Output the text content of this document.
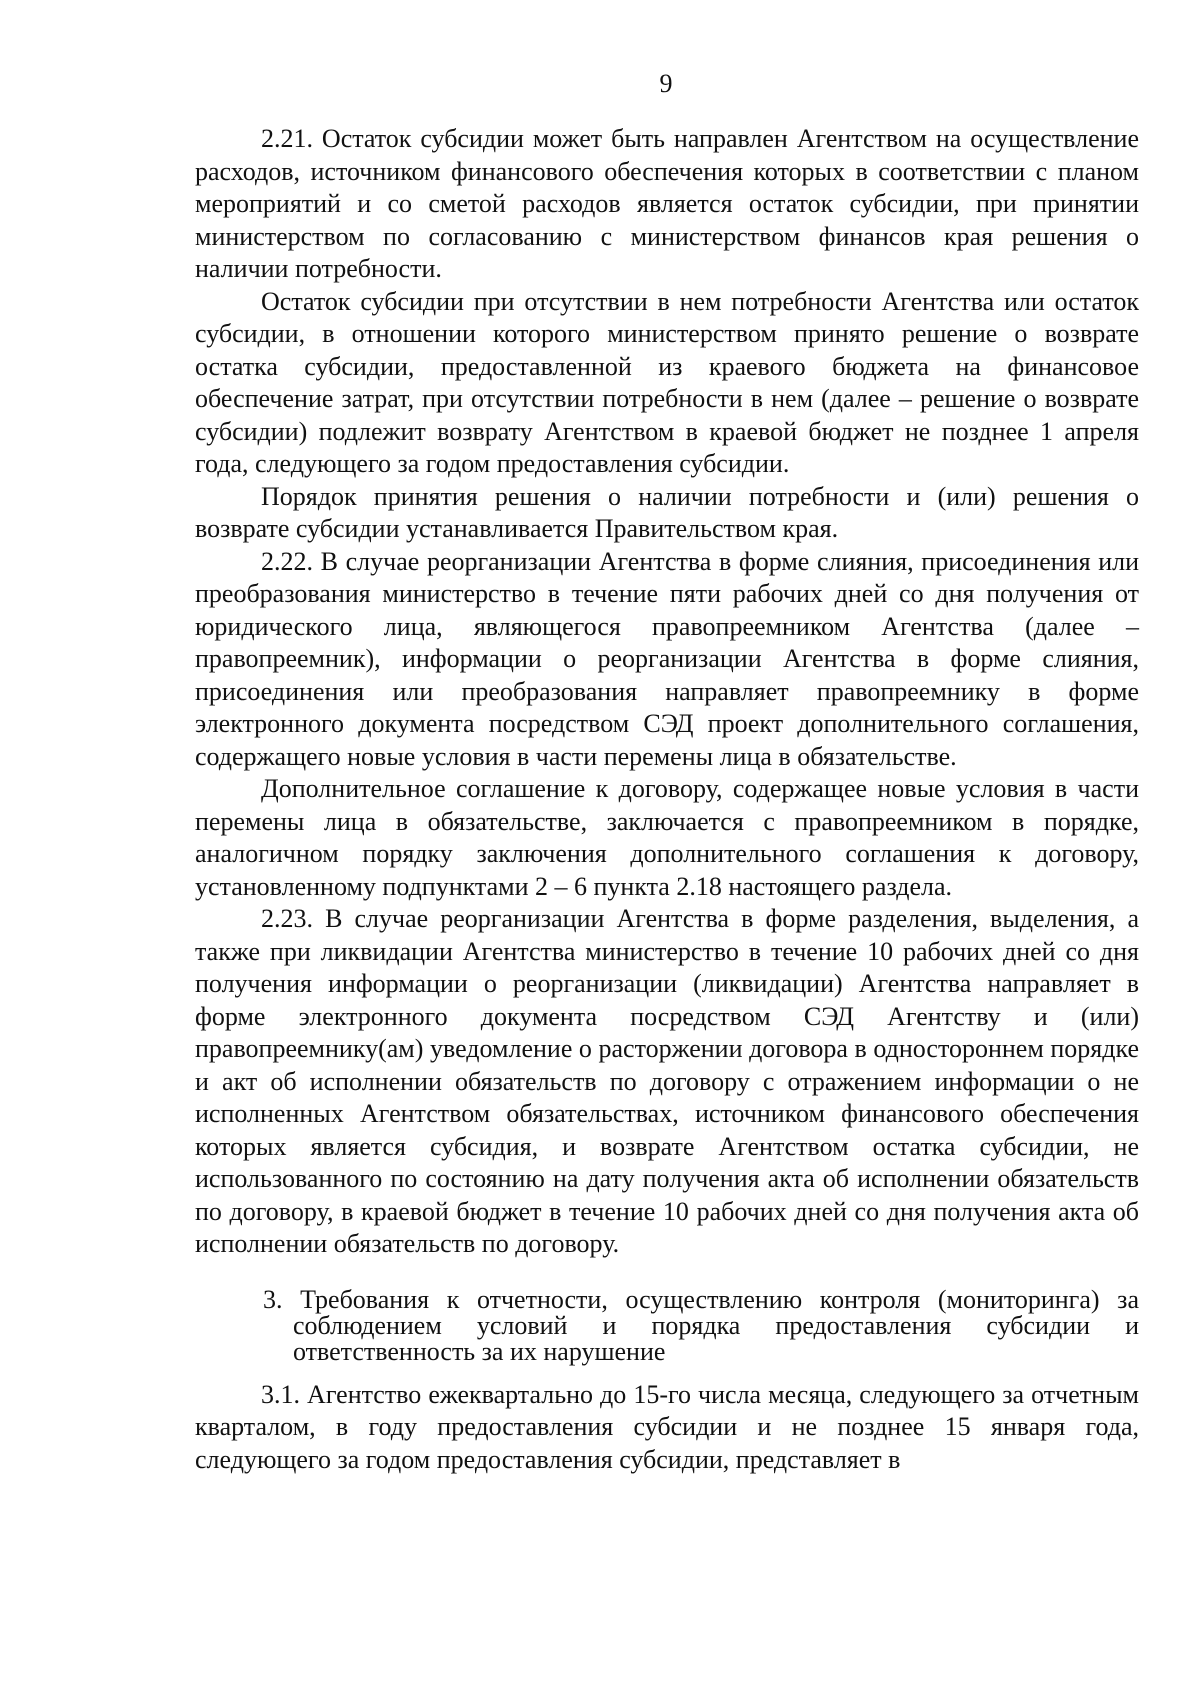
9

2.21. Остаток субсидии может быть направлен Агентством на осуществление расходов, источником финансового обеспечения которых в соответствии с планом мероприятий и со сметой расходов является остаток субсидии, при принятии министерством по согласованию с министерством финансов края решения о наличии потребности.

Остаток субсидии при отсутствии в нем потребности Агентства или остаток субсидии, в отношении которого министерством принято решение о возврате остатка субсидии, предоставленной из краевого бюджета на финансовое обеспечение затрат, при отсутствии потребности в нем (далее – решение о возврате субсидии) подлежит возврату Агентством в краевой бюджет не позднее 1 апреля года, следующего за годом предоставления субсидии.

Порядок принятия решения о наличии потребности и (или) решения о возврате субсидии устанавливается Правительством края.

2.22. В случае реорганизации Агентства в форме слияния, присоединения или преобразования министерство в течение пяти рабочих дней со дня получения от юридического лица, являющегося правопреемником Агентства (далее – правопреемник), информации о реорганизации Агентства в форме слияния, присоединения или преобразования направляет правопреемнику в форме электронного документа посредством СЭД проект дополнительного соглашения, содержащего новые условия в части перемены лица в обязательстве.

Дополнительное соглашение к договору, содержащее новые условия в части перемены лица в обязательстве, заключается с правопреемником в порядке, аналогичном порядку заключения дополнительного соглашения к договору, установленному подпунктами 2 – 6 пункта 2.18 настоящего раздела.

2.23. В случае реорганизации Агентства в форме разделения, выделения, а также при ликвидации Агентства министерство в течение 10 рабочих дней со дня получения информации о реорганизации (ликвидации) Агентства направляет в форме электронного документа посредством СЭД Агентству и (или) правопреемнику(ам) уведомление о расторжении договора в одностороннем порядке и акт об исполнении обязательств по договору с отражением информации о не исполненных Агентством обязательствах, источником финансового обеспечения которых является субсидия, и возврате Агентством остатка субсидии, не использованного по состоянию на дату получения акта об исполнении обязательств по договору, в краевой бюджет в течение 10 рабочих дней со дня получения акта об исполнении обязательств по договору.

3. Требования к отчетности, осуществлению контроля (мониторинга) за соблюдением условий и порядка предоставления субсидии и ответственность за их нарушение

3.1. Агентство ежеквартально до 15-го числа месяца, следующего за отчетным кварталом, в году предоставления субсидии и не позднее 15 января года, следующего за годом предоставления субсидии, представляет в
